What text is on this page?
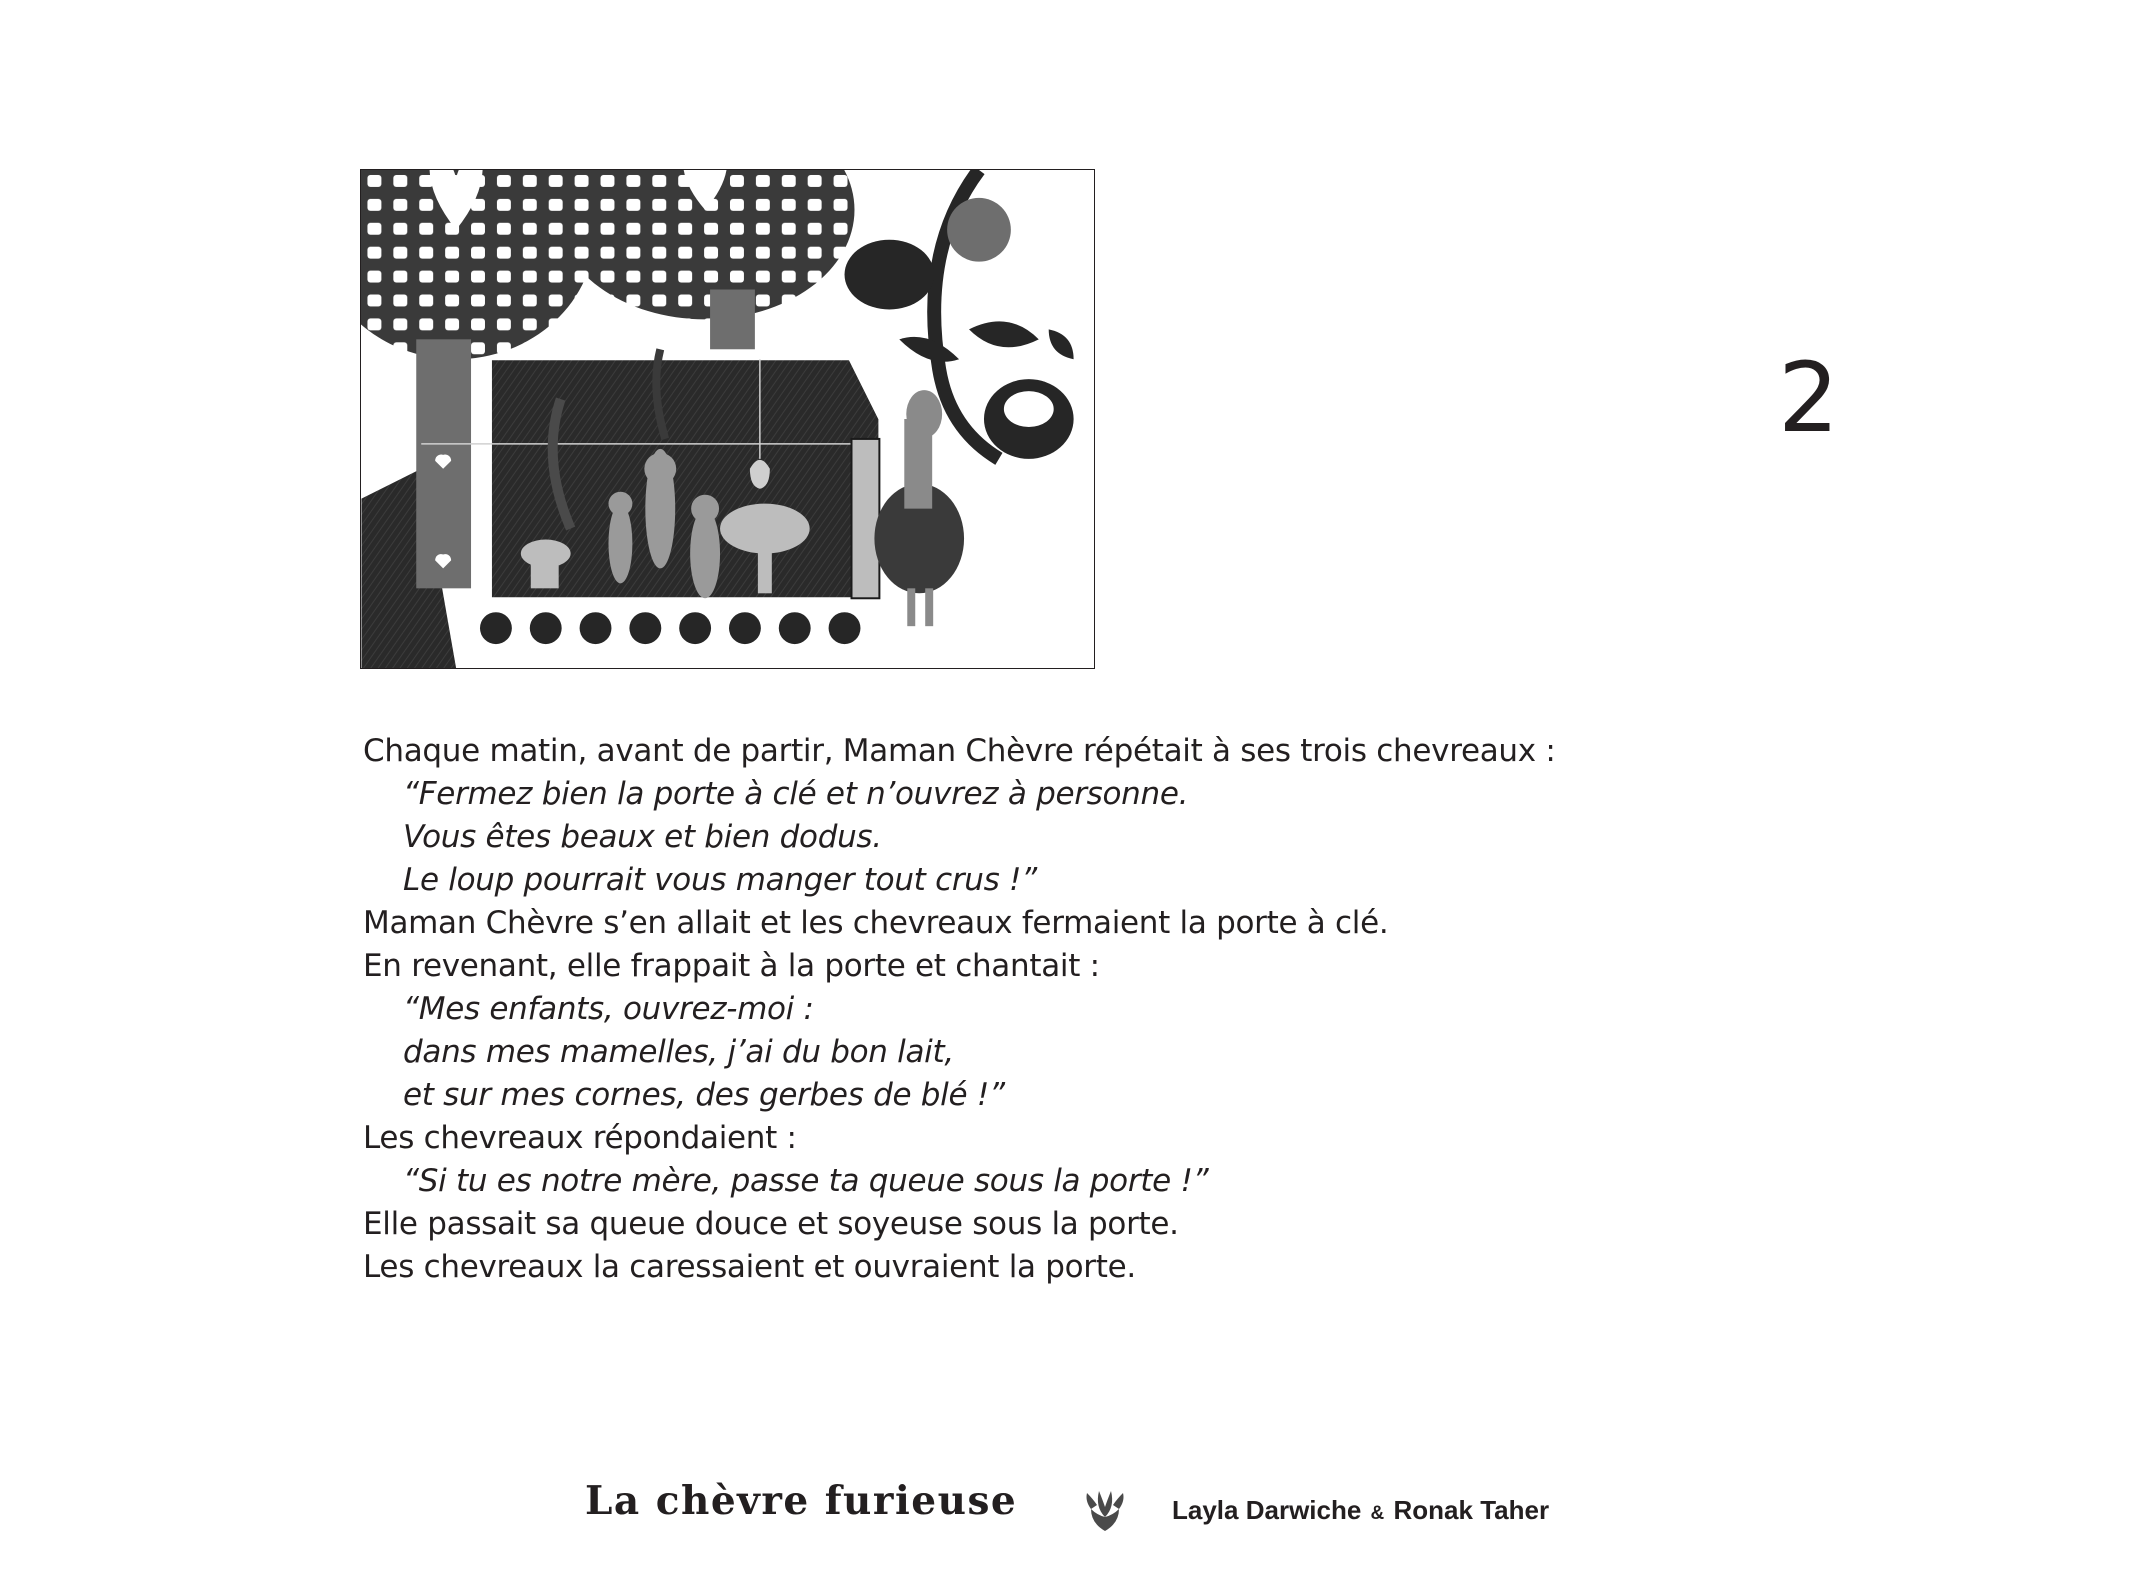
2
Chaque matin, avant de partir, Maman Chèvre répétait à ses trois chevreaux :
“Fermez bien la porte à clé et n’ouvrez à personne.
Vous êtes beaux et bien dodus.
Le loup pourrait vous manger tout crus !”
Maman Chèvre s’en allait et les chevreaux fermaient la porte à clé.
En revenant, elle frappait à la porte et chantait :
“Mes enfants, ouvrez-moi :
dans mes mamelles, j’ai du bon lait,
et sur mes cornes, des gerbes de blé !”
Les chevreaux répondaient :
“Si tu es notre mère, passe ta queue sous la porte !”
Elle passait sa queue douce et soyeuse sous la porte.
Les chevreaux la caressaient et ouvraient la porte.
La chèvre furieuse	Layla Darwiche & Ronak Taher
